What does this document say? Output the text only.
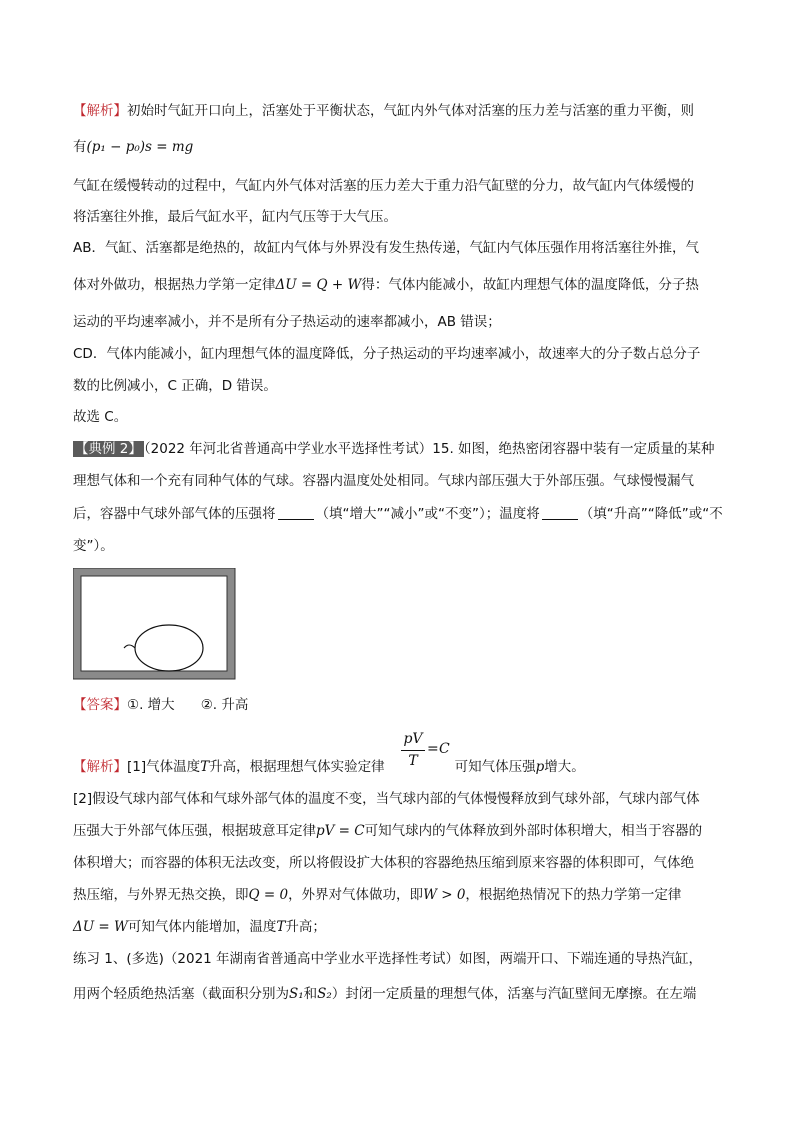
【解析】初始时气缸开口向上，活塞处于平衡状态，气缸内外气体对活塞的压力差与活塞的重力平衡，则
有(p₁ − p₀)s = mg
气缸在缓慢转动的过程中，气缸内外气体对活塞的压力差大于重力沿气缸壁的分力，故气缸内气体缓慢的
将活塞往外推，最后气缸水平，缸内气压等于大气压。
AB．气缸、活塞都是绝热的，故缸内气体与外界没有发生热传递，气缸内气体压强作用将活塞往外推，气
体对外做功，根据热力学第一定律ΔU = Q + W得：气体内能减小，故缸内理想气体的温度降低，分子热
运动的平均速率减小，并不是所有分子热运动的速率都减小，AB 错误；
CD．气体内能减小，缸内理想气体的温度降低，分子热运动的平均速率减小，故速率大的分子数占总分子
数的比例减小，C 正确，D 错误。
故选 C。
【典例 2】 （2022 年河北省普通高中学业水平选择性考试）15. 如图，绝热密闭容器中装有一定质量的某种
理想气体和一个充有同种气体的气球。容器内温度处处相同。气球内部压强大于外部压强。气球慢慢漏气
后，容器中气球外部气体的压强将	（填“增大”“减小”或“不变”）；温度将	（填“升高”“降低”或“不
变”）。
【答案】①. 增大 ②. 升高
pV
T
= C
【解析】[1]气体温度T升高，根据理想气体实验定律	可知气体压强p增大。
[2]假设气球内部气体和气球外部气体的温度不变，当气球内部的气体慢慢释放到气球外部，气球内部气体
压强大于外部气体压强，根据玻意耳定律pV = C可知气球内的气体释放到外部时体积增大，相当于容器的
体积增大；而容器的体积无法改变，所以将假设扩大体积的容器绝热压缩到原来容器的体积即可，气体绝
热压缩，与外界无热交换，即Q = 0，外界对气体做功，即W > 0，根据绝热情况下的热力学第一定律
ΔU = W可知气体内能增加，温度T升高；
练习 1、(多选)（2021 年湖南省普通高中学业水平选择性考试）如图，两端开口、下端连通的导热汽缸，
用两个轻质绝热活塞（截面积分别为S₁和S₂）封闭一定质量的理想气体，活塞与汽缸壁间无摩擦。在左端
